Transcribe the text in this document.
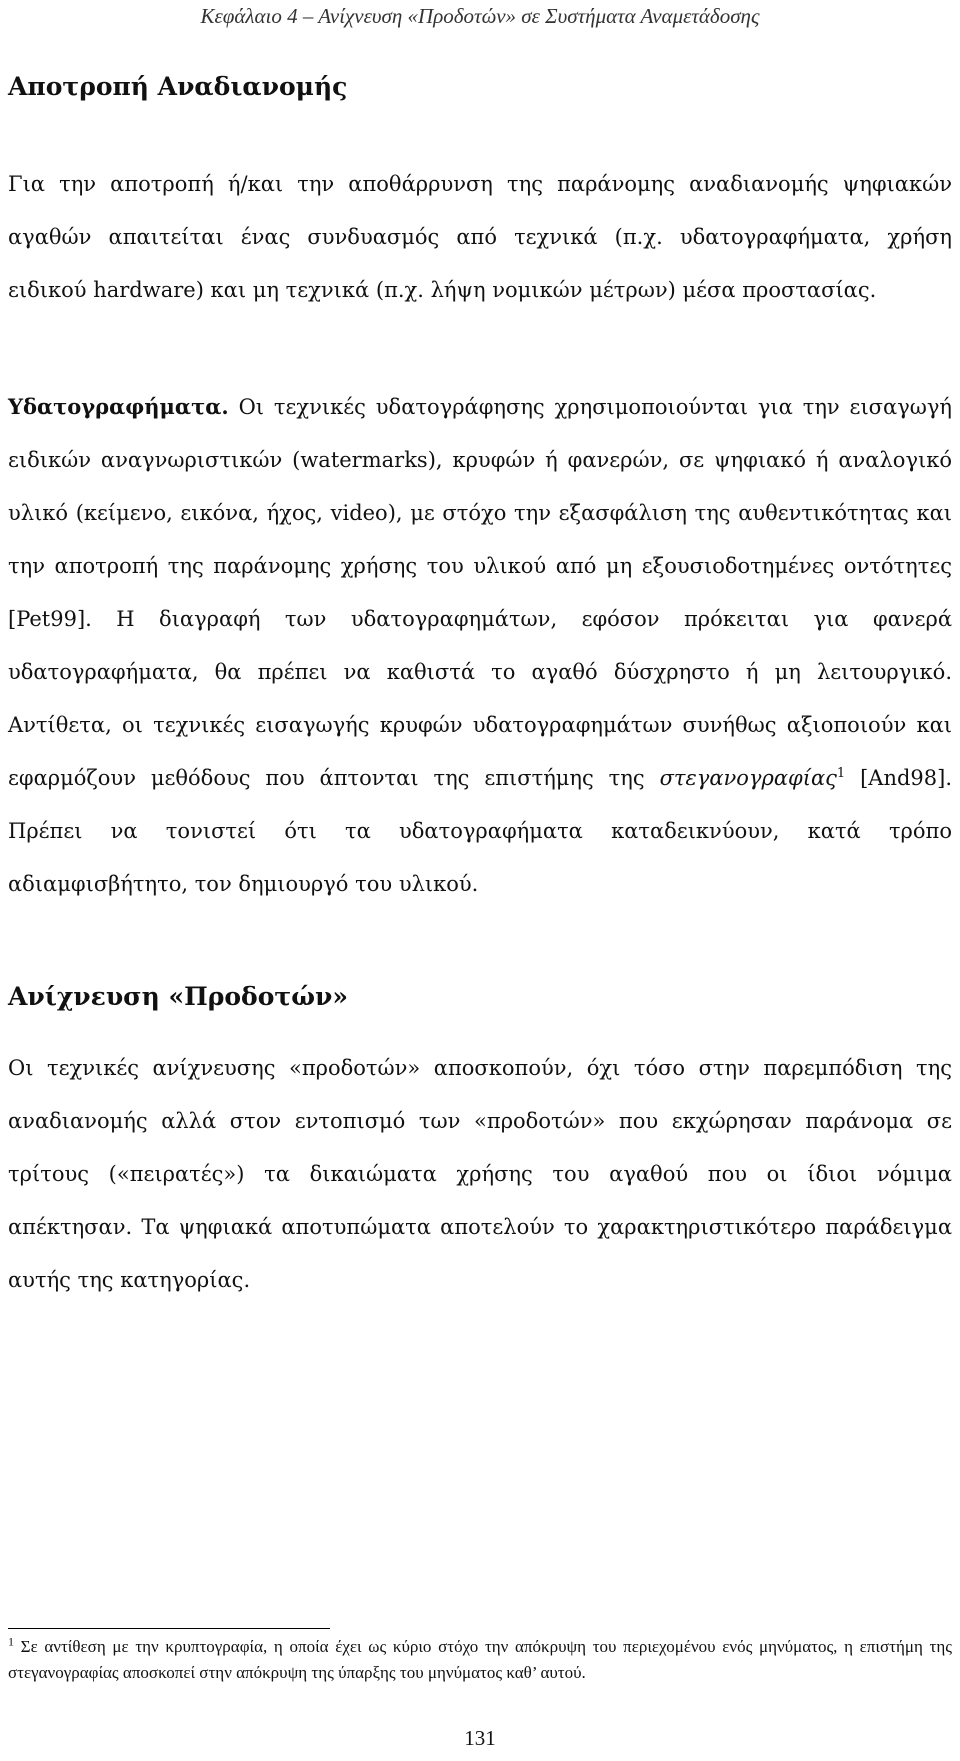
Κεφάλαιο 4 – Ανίχνευση «Προδοτών» σε Συστήματα Αναμετάδοσης
Αποτροπή Αναδιανομής

Για την αποτροπή ή/και την αποθάρρυνση της παράνομης αναδιανομής ψηφιακών αγαθών απαιτείται ένας συνδυασμός από τεχνικά (π.χ. υδατογραφήματα, χρήση ειδικού hardware) και μη τεχνικά (π.χ. λήψη νομικών μέτρων) μέσα προστασίας.

Υδατογραφήματα. Οι τεχνικές υδατογράφησης χρησιμοποιούνται για την εισαγωγή ειδικών αναγνωριστικών (watermarks), κρυφών ή φανερών, σε ψηφιακό ή αναλογικό υλικό (κείμενο, εικόνα, ήχος, video), με στόχο την εξασφάλιση της αυθεντικότητας και την αποτροπή της παράνομης χρήσης του υλικού από μη εξουσιοδοτημένες οντότητες [Pet99]. Η διαγραφή των υδατογραφημάτων, εφόσον πρόκειται για φανερά υδατογραφήματα, θα πρέπει να καθιστά το αγαθό δύσχρηστο ή μη λειτουργικό. Αντίθετα, οι τεχνικές εισαγωγής κρυφών υδατογραφημάτων συνήθως αξιοποιούν και εφαρμόζουν μεθόδους που άπτονται της επιστήμης της στεγανογραφίας$^1$ [And98]. Πρέπει να τονιστεί ότι τα υδατογραφήματα καταδεικνύουν, κατά τρόπο αδιαμφισβήτητο, τον δημιουργό του υλικού.

Ανίχνευση «Προδοτών»

Οι τεχνικές ανίχνευσης «προδοτών» αποσκοπούν, όχι τόσο στην παρεμπόδιση της αναδιανομής αλλά στον εντοπισμό των «προδοτών» που εκχώρησαν παράνομα σε τρίτους («πειρατές») τα δικαιώματα χρήσης του αγαθού που οι ίδιοι νόμιμα απέκτησαν. Τα ψηφιακά αποτυπώματα αποτελούν το χαρακτηριστικότερο παράδειγμα αυτής της κατηγορίας.

$^1$ Σε αντίθεση με την κρυπτογραφία, η οποία έχει ως κύριο στόχο την απόκρυψη του περιεχομένου ενός μηνύματος, η επιστήμη της στεγανογραφίας αποσκοπεί στην απόκρυψη της ύπαρξης του μηνύματος καθ’ αυτού.

131
